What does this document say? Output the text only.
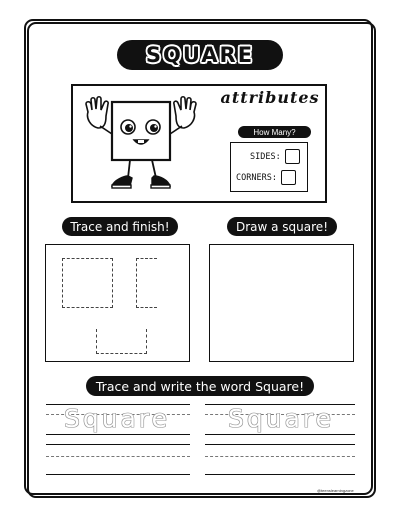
SQUARE
attributes
How Many?
SIDES:
CORNERS:
Trace and finish!	Draw a square!
Trace and write the word Square!
Square Square
@teenslearningzone
